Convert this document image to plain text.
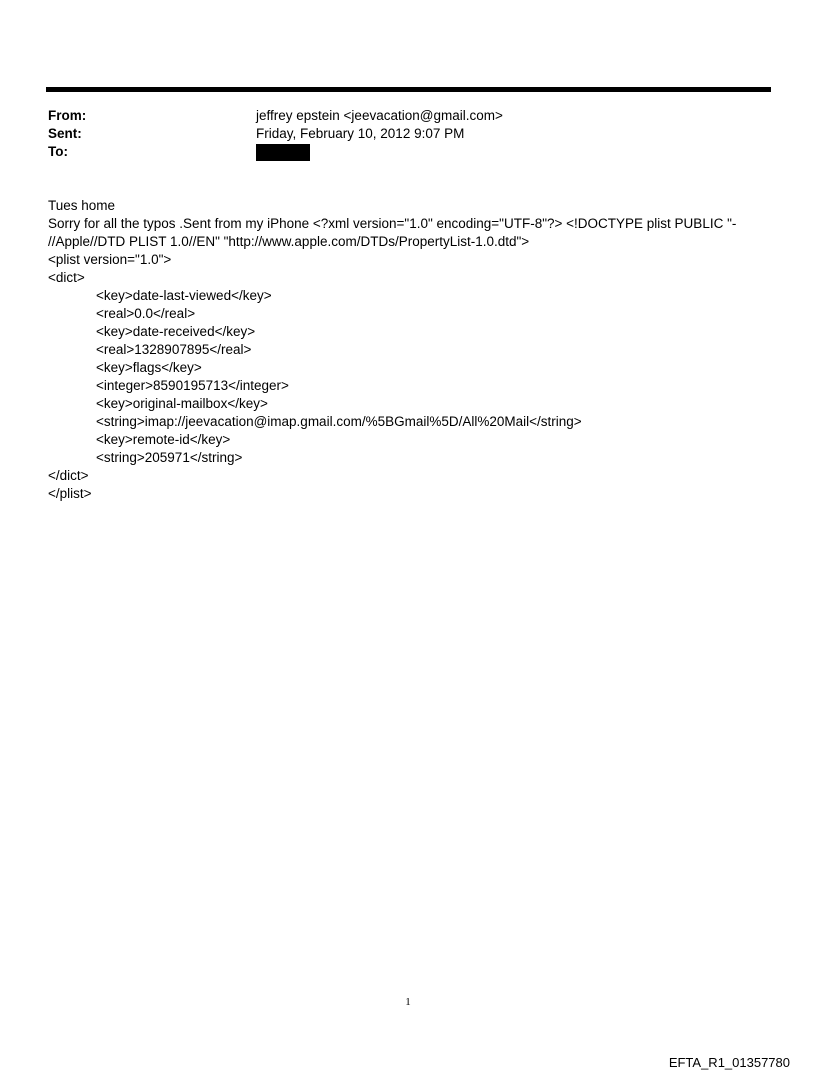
From:	jeffrey epstein <jeevacation@gmail.com>
Sent:	Friday, February 10, 2012 9:07 PM
To:

Tues home

Sorry for all the typos .Sent from my iPhone <?xml version="1.0" encoding="UTF-8"?> <!DOCTYPE plist PUBLIC "-

//Apple//DTD PLIST 1.0//EN" "http://www.apple.com/DTDs/PropertyList-1.0.dtd">

<plist version="1.0">

<dict>

<key>date-last-viewed</key>

<real>0.0</real>

<key>date-received</key>

<real>1328907895</real>

<key>flags</key>

<integer>8590195713</integer>

<key>original-mailbox</key>

<string>imap://jeevacation@imap.gmail.com/%5BGmail%5D/All%20Mail</string>

<key>remote-id</key>

<string>205971</string>

</dict>

</plist>

1
EFTA_R1_01357780
